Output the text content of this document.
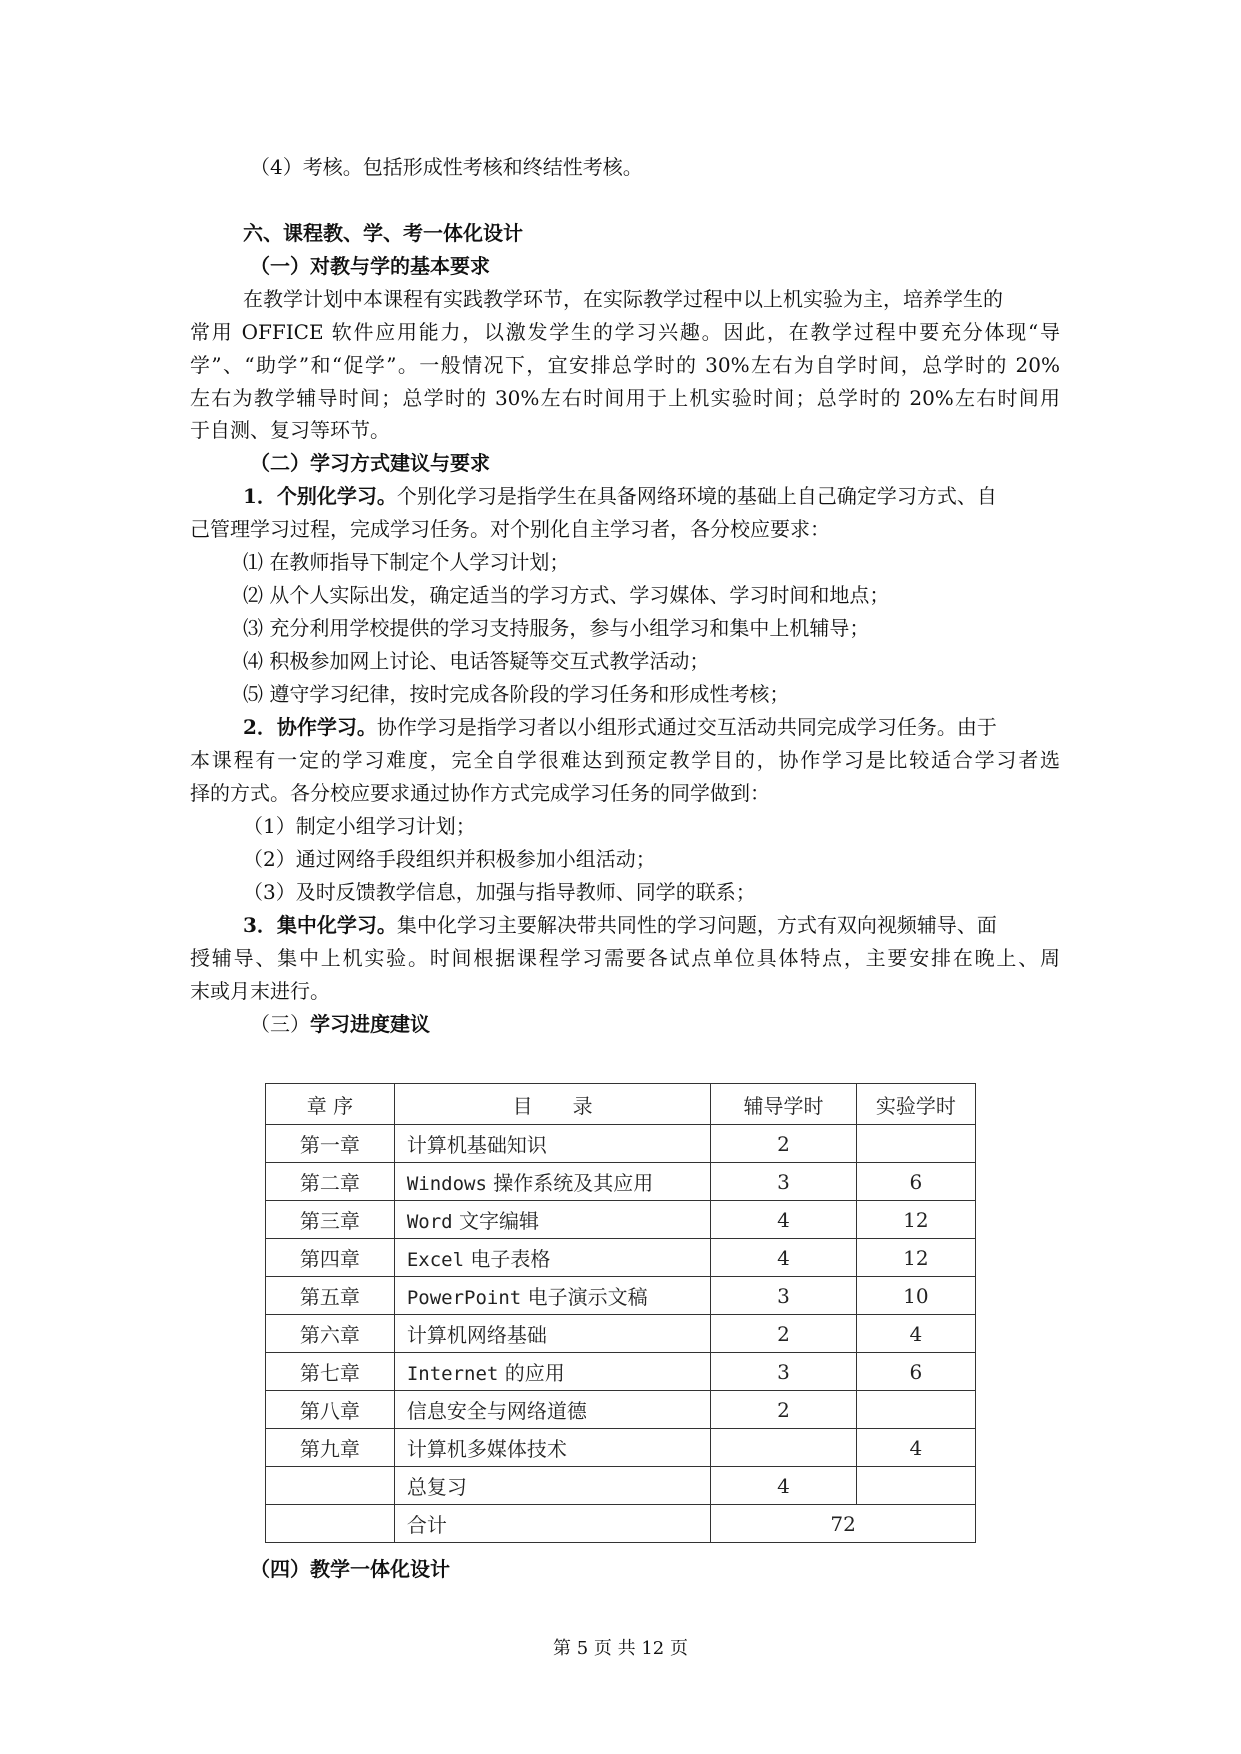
（4）考核。包括形成性考核和终结性考核。
六、课程教、学、考一体化设计
（一）对教与学的基本要求
在教学计划中本课程有实践教学环节，在实际教学过程中以上机实验为主，培养学生的
常用 OFFICE 软件应用能力，以激发学生的学习兴趣。因此，在教学过程中要充分体现“导
学”、“助学”和“促学”。一般情况下，宜安排总学时的 30%左右为自学时间，总学时的 20%
左右为教学辅导时间；总学时的 30%左右时间用于上机实验时间；总学时的 20%左右时间用
于自测、复习等环节。
（二）学习方式建议与要求
1．个别化学习。个别化学习是指学生在具备网络环境的基础上自己确定学习方式、自
己管理学习过程，完成学习任务。对个别化自主学习者，各分校应要求：
⑴ 在教师指导下制定个人学习计划；
⑵ 从个人实际出发，确定适当的学习方式、学习媒体、学习时间和地点；
⑶ 充分利用学校提供的学习支持服务，参与小组学习和集中上机辅导；
⑷ 积极参加网上讨论、电话答疑等交互式教学活动；
⑸ 遵守学习纪律，按时完成各阶段的学习任务和形成性考核；
2．协作学习。协作学习是指学习者以小组形式通过交互活动共同完成学习任务。由于
本课程有一定的学习难度，完全自学很难达到预定教学目的，协作学习是比较适合学习者选
择的方式。各分校应要求通过协作方式完成学习任务的同学做到：
（1）制定小组学习计划；
（2）通过网络手段组织并积极参加小组活动；
（3）及时反馈教学信息，加强与指导教师、同学的联系；
3．集中化学习。集中化学习主要解决带共同性的学习问题，方式有双向视频辅导、面
授辅导、集中上机实验。时间根据课程学习需要各试点单位具体特点，主要安排在晚上、周
末或月末进行。
（三）学习进度建议
章 序	目　　录	辅导学时	实验学时
第一章	计算机基础知识	2	
第二章	Windows 操作系统及其应用	3	6
第三章	Word 文字编辑	4	12
第四章	Excel 电子表格	4	12
第五章	PowerPoint 电子演示文稿	3	10
第六章	计算机网络基础	2	4
第七章	Internet 的应用	3	6
第八章	信息安全与网络道德	2	
第九章	计算机多媒体技术		4
	总复习	4	
	合计	72	
（四）教学一体化设计
第 5 页 共 12 页
